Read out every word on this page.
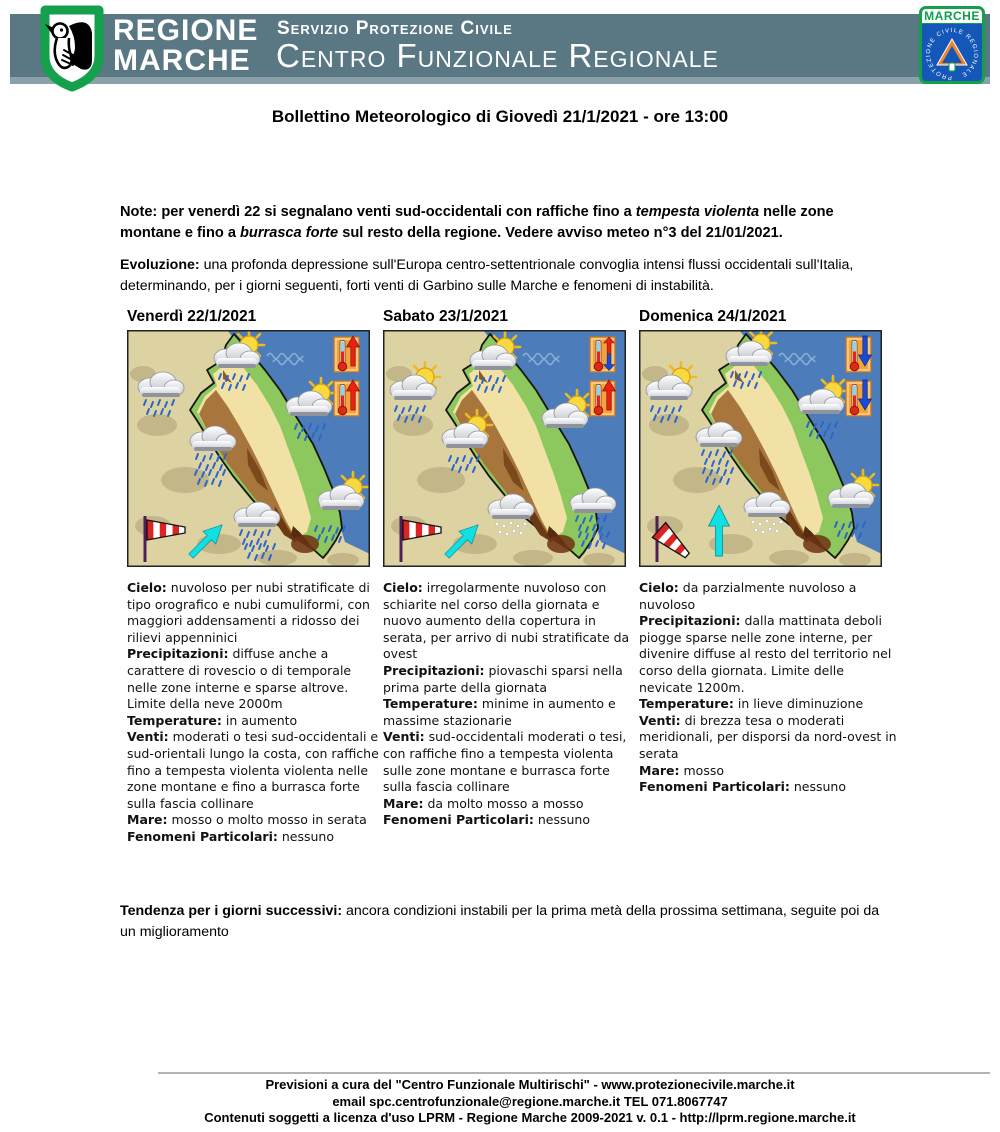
REGIONE
MARCHE
Servizio Protezione Civile
Centro Funzionale Regionale
MARCHE
PROTEZIONE CIVILE REGIONALE
Bollettino Meteorologico di Giovedì 21/1/2021 - ore 13:00

Note: per venerdì 22 si segnalano venti sud-occidentali con raffiche fino a tempesta violenta nelle zone montane e fino a burrasca forte sul resto della regione. Vedere avviso meteo n°3 del 21/01/2021.

Evoluzione: una profonda depressione sull'Europa centro-settentrionale convoglia intensi flussi occidentali sull'Italia, determinando, per i giorni seguenti, forti venti di Garbino sulle Marche e fenomeni di instabilità.

Venerdì 22/1/2021
Cielo: nuvoloso per nubi stratificate di tipo orografico e nubi cumuliformi, con maggiori addensamenti a ridosso dei rilievi appenninici
Precipitazioni: diffuse anche a carattere di rovescio o di temporale nelle zone interne e sparse altrove. Limite della neve 2000m
Temperature: in aumento
Venti: moderati o tesi sud-occidentali e sud-orientali lungo la costa, con raffiche fino a tempesta violenta violenta nelle zone montane e fino a burrasca forte sulla fascia collinare
Mare: mosso o molto mosso in serata
Fenomeni Particolari: nessuno
Sabato 23/1/2021
Cielo: irregolarmente nuvoloso con schiarite nel corso della giornata e nuovo aumento della copertura in serata, per arrivo di nubi stratificate da ovest
Precipitazioni: piovaschi sparsi nella prima parte della giornata
Temperature: minime in aumento e massime stazionarie
Venti: sud-occidentali moderati o tesi, con raffiche fino a tempesta violenta sulle zone montane e burrasca forte sulla fascia collinare
Mare: da molto mosso a mosso
Fenomeni Particolari: nessuno
Domenica 24/1/2021
Cielo: da parzialmente nuvoloso a nuvoloso
Precipitazioni: dalla mattinata deboli piogge sparse nelle zone interne, per divenire diffuse al resto del territorio nel corso della giornata. Limite delle nevicate 1200m.
Temperature: in lieve diminuzione
Venti: di brezza tesa o moderati meridionali, per disporsi da nord-ovest in serata
Mare: mosso
Fenomeni Particolari: nessuno

Tendenza per i giorni successivi: ancora condizioni instabili per la prima metà della prossima settimana, seguite poi da un miglioramento

Previsioni a cura del "Centro Funzionale Multirischi" - www.protezionecivile.marche.it
email spc.centrofunzionale@regione.marche.it TEL 071.8067747
Contenuti soggetti a licenza d'uso LPRM - Regione Marche 2009-2021 v. 0.1 - http://lprm.regione.marche.it
